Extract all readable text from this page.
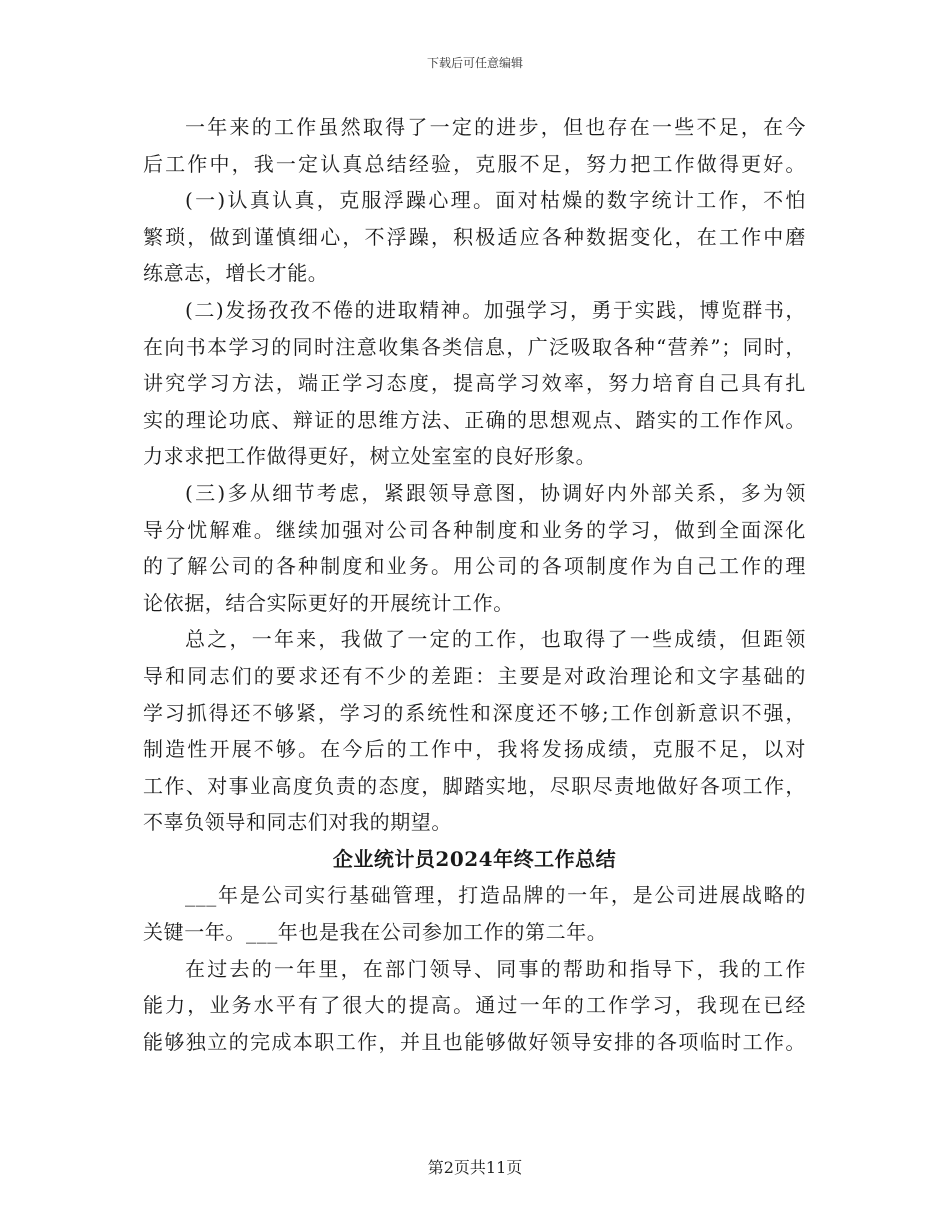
下载后可任意编辑
一年来的工作虽然取得了一定的进步，但也存在一些不足，在今
后工作中，我一定认真总结经验，克服不足，努力把工作做得更好。
(一)认真认真，克服浮躁心理。面对枯燥的数字统计工作，不怕
繁琐，做到谨慎细心，不浮躁，积极适应各种数据变化，在工作中磨
练意志，增长才能。
(二)发扬孜孜不倦的进取精神。加强学习，勇于实践，博览群书，
在向书本学习的同时注意收集各类信息，广泛吸取各种“营养”；同时，
讲究学习方法，端正学习态度，提高学习效率，努力培育自己具有扎
实的理论功底、辩证的思维方法、正确的思想观点、踏实的工作作风。
力求求把工作做得更好，树立处室室的良好形象。
(三)多从细节考虑，紧跟领导意图，协调好内外部关系，多为领
导分忧解难。继续加强对公司各种制度和业务的学习，做到全面深化
的了解公司的各种制度和业务。用公司的各项制度作为自己工作的理
论依据，结合实际更好的开展统计工作。
总之，一年来，我做了一定的工作，也取得了一些成绩，但距领
导和同志们的要求还有不少的差距：主要是对政治理论和文字基础的
学习抓得还不够紧，学习的系统性和深度还不够;工作创新意识不强，
制造性开展不够。在今后的工作中，我将发扬成绩，克服不足，以对
工作、对事业高度负责的态度，脚踏实地，尽职尽责地做好各项工作，
不辜负领导和同志们对我的期望。
企业统计员2024年终工作总结
___年是公司实行基础管理，打造品牌的一年，是公司进展战略的
关键一年。___年也是我在公司参加工作的第二年。
在过去的一年里，在部门领导、同事的帮助和指导下，我的工作
能力，业务水平有了很大的提高。通过一年的工作学习，我现在已经
能够独立的完成本职工作，并且也能够做好领导安排的各项临时工作。
第2页共11页
